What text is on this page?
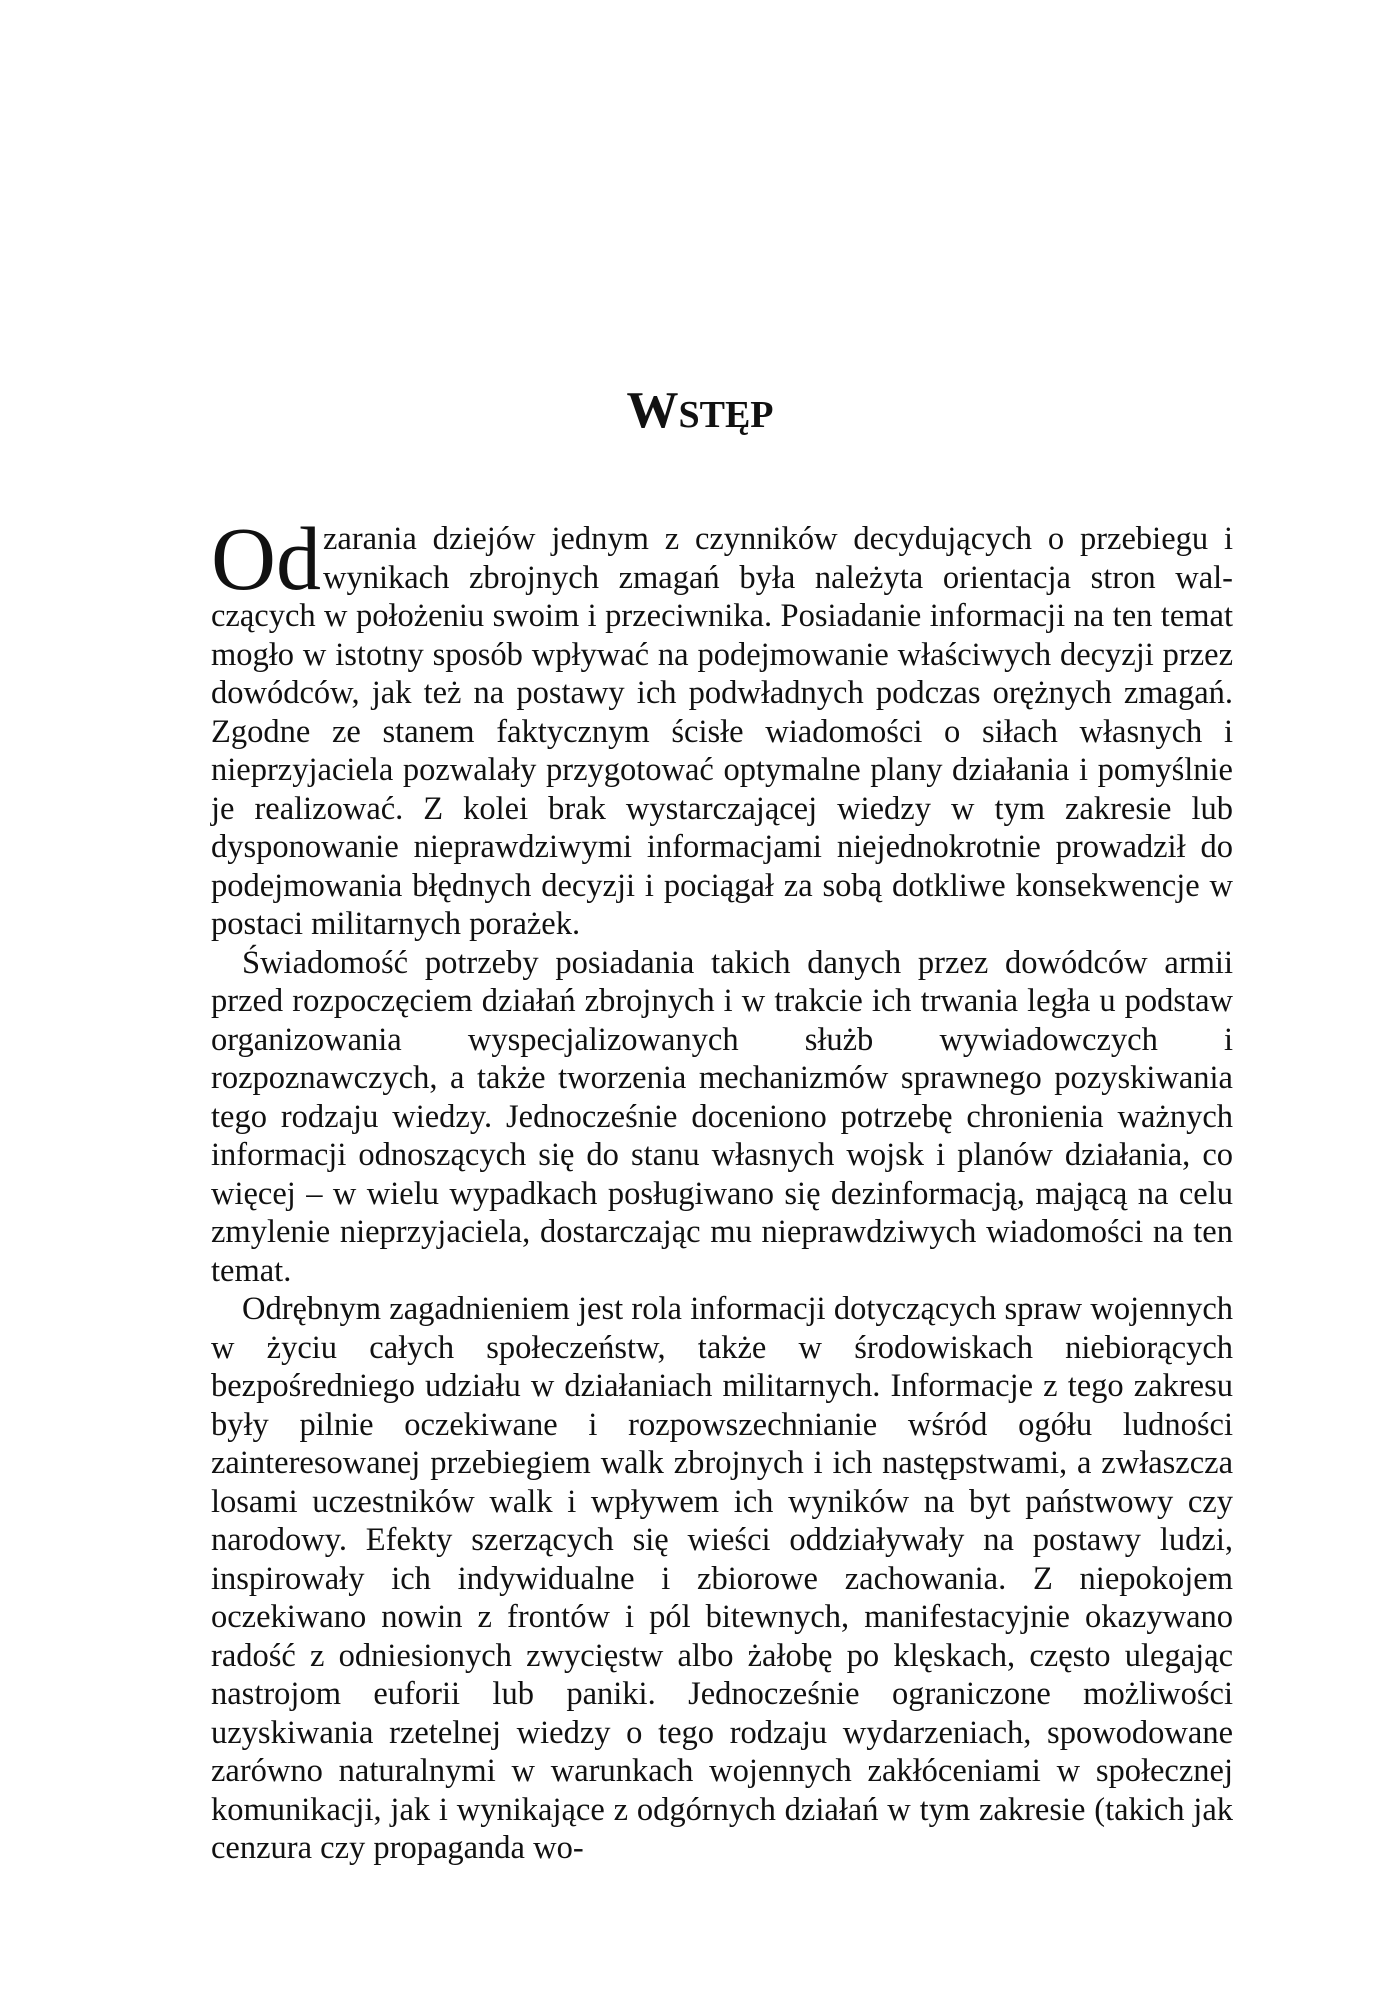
WSTĘP

Od zarania dziejów jednym z czynników decydujących o przebiegu i wynikach zbrojnych zmagań była należyta orientacja stron walczących w położeniu swoim i przeciwnika. Posiadanie informacji na ten temat mogło w istotny sposób wpływać na podejmowanie właściwych decyzji przez dowódców, jak też na postawy ich podwładnych podczas orężnych zmagań. Zgodne ze stanem faktycznym ścisłe wiadomości o siłach własnych i nieprzyjaciela pozwalały przygotować optymalne plany działania i pomyślnie je realizować. Z kolei brak wystarczającej wiedzy w tym zakresie lub dysponowanie nieprawdziwymi informacjami niejednokrotnie prowadził do podejmowania błędnych decyzji i pociągał za sobą dotkliwe konsekwencje w postaci militarnych porażek.

Świadomość potrzeby posiadania takich danych przez dowódców armii przed rozpoczęciem działań zbrojnych i w trakcie ich trwania legła u podstaw organizowania wyspecjalizowanych służb wywiadowczych i rozpoznawczych, a także tworzenia mechanizmów sprawnego pozyskiwania tego rodzaju wiedzy. Jednocześnie doceniono potrzebę chronienia ważnych informacji odnoszących się do stanu własnych wojsk i planów działania, co więcej – w wielu wypadkach posługiwano się dezinformacją, mającą na celu zmylenie nieprzyjaciela, dostarczając mu nieprawdziwych wiadomości na ten temat.

Odrębnym zagadnieniem jest rola informacji dotyczących spraw wojennych w życiu całych społeczeństw, także w środowiskach niebiorących bezpośredniego udziału w działaniach militarnych. Informacje z tego zakresu były pilnie oczekiwane i rozpowszechnianie wśród ogółu ludności zainteresowanej przebiegiem walk zbrojnych i ich następstwami, a zwłaszcza losami uczestników walk i wpływem ich wyników na byt państwowy czy narodowy. Efekty szerzących się wieści oddziaływały na postawy ludzi, inspirowały ich indywidualne i zbiorowe zachowania. Z niepokojem oczekiwano nowin z frontów i pól bitewnych, manifestacyjnie okazywano radość z odniesionych zwycięstw albo żałobę po klęskach, często ulegając nastrojom euforii lub paniki. Jednocześnie ograniczone możliwości uzyskiwania rzetelnej wiedzy o tego rodzaju wydarzeniach, spowodowane zarówno naturalnymi w warunkach wojennych zakłóceniami w społecznej komunikacji, jak i wynikające z odgórnych działań w tym zakresie (takich jak cenzura czy propaganda wo-
